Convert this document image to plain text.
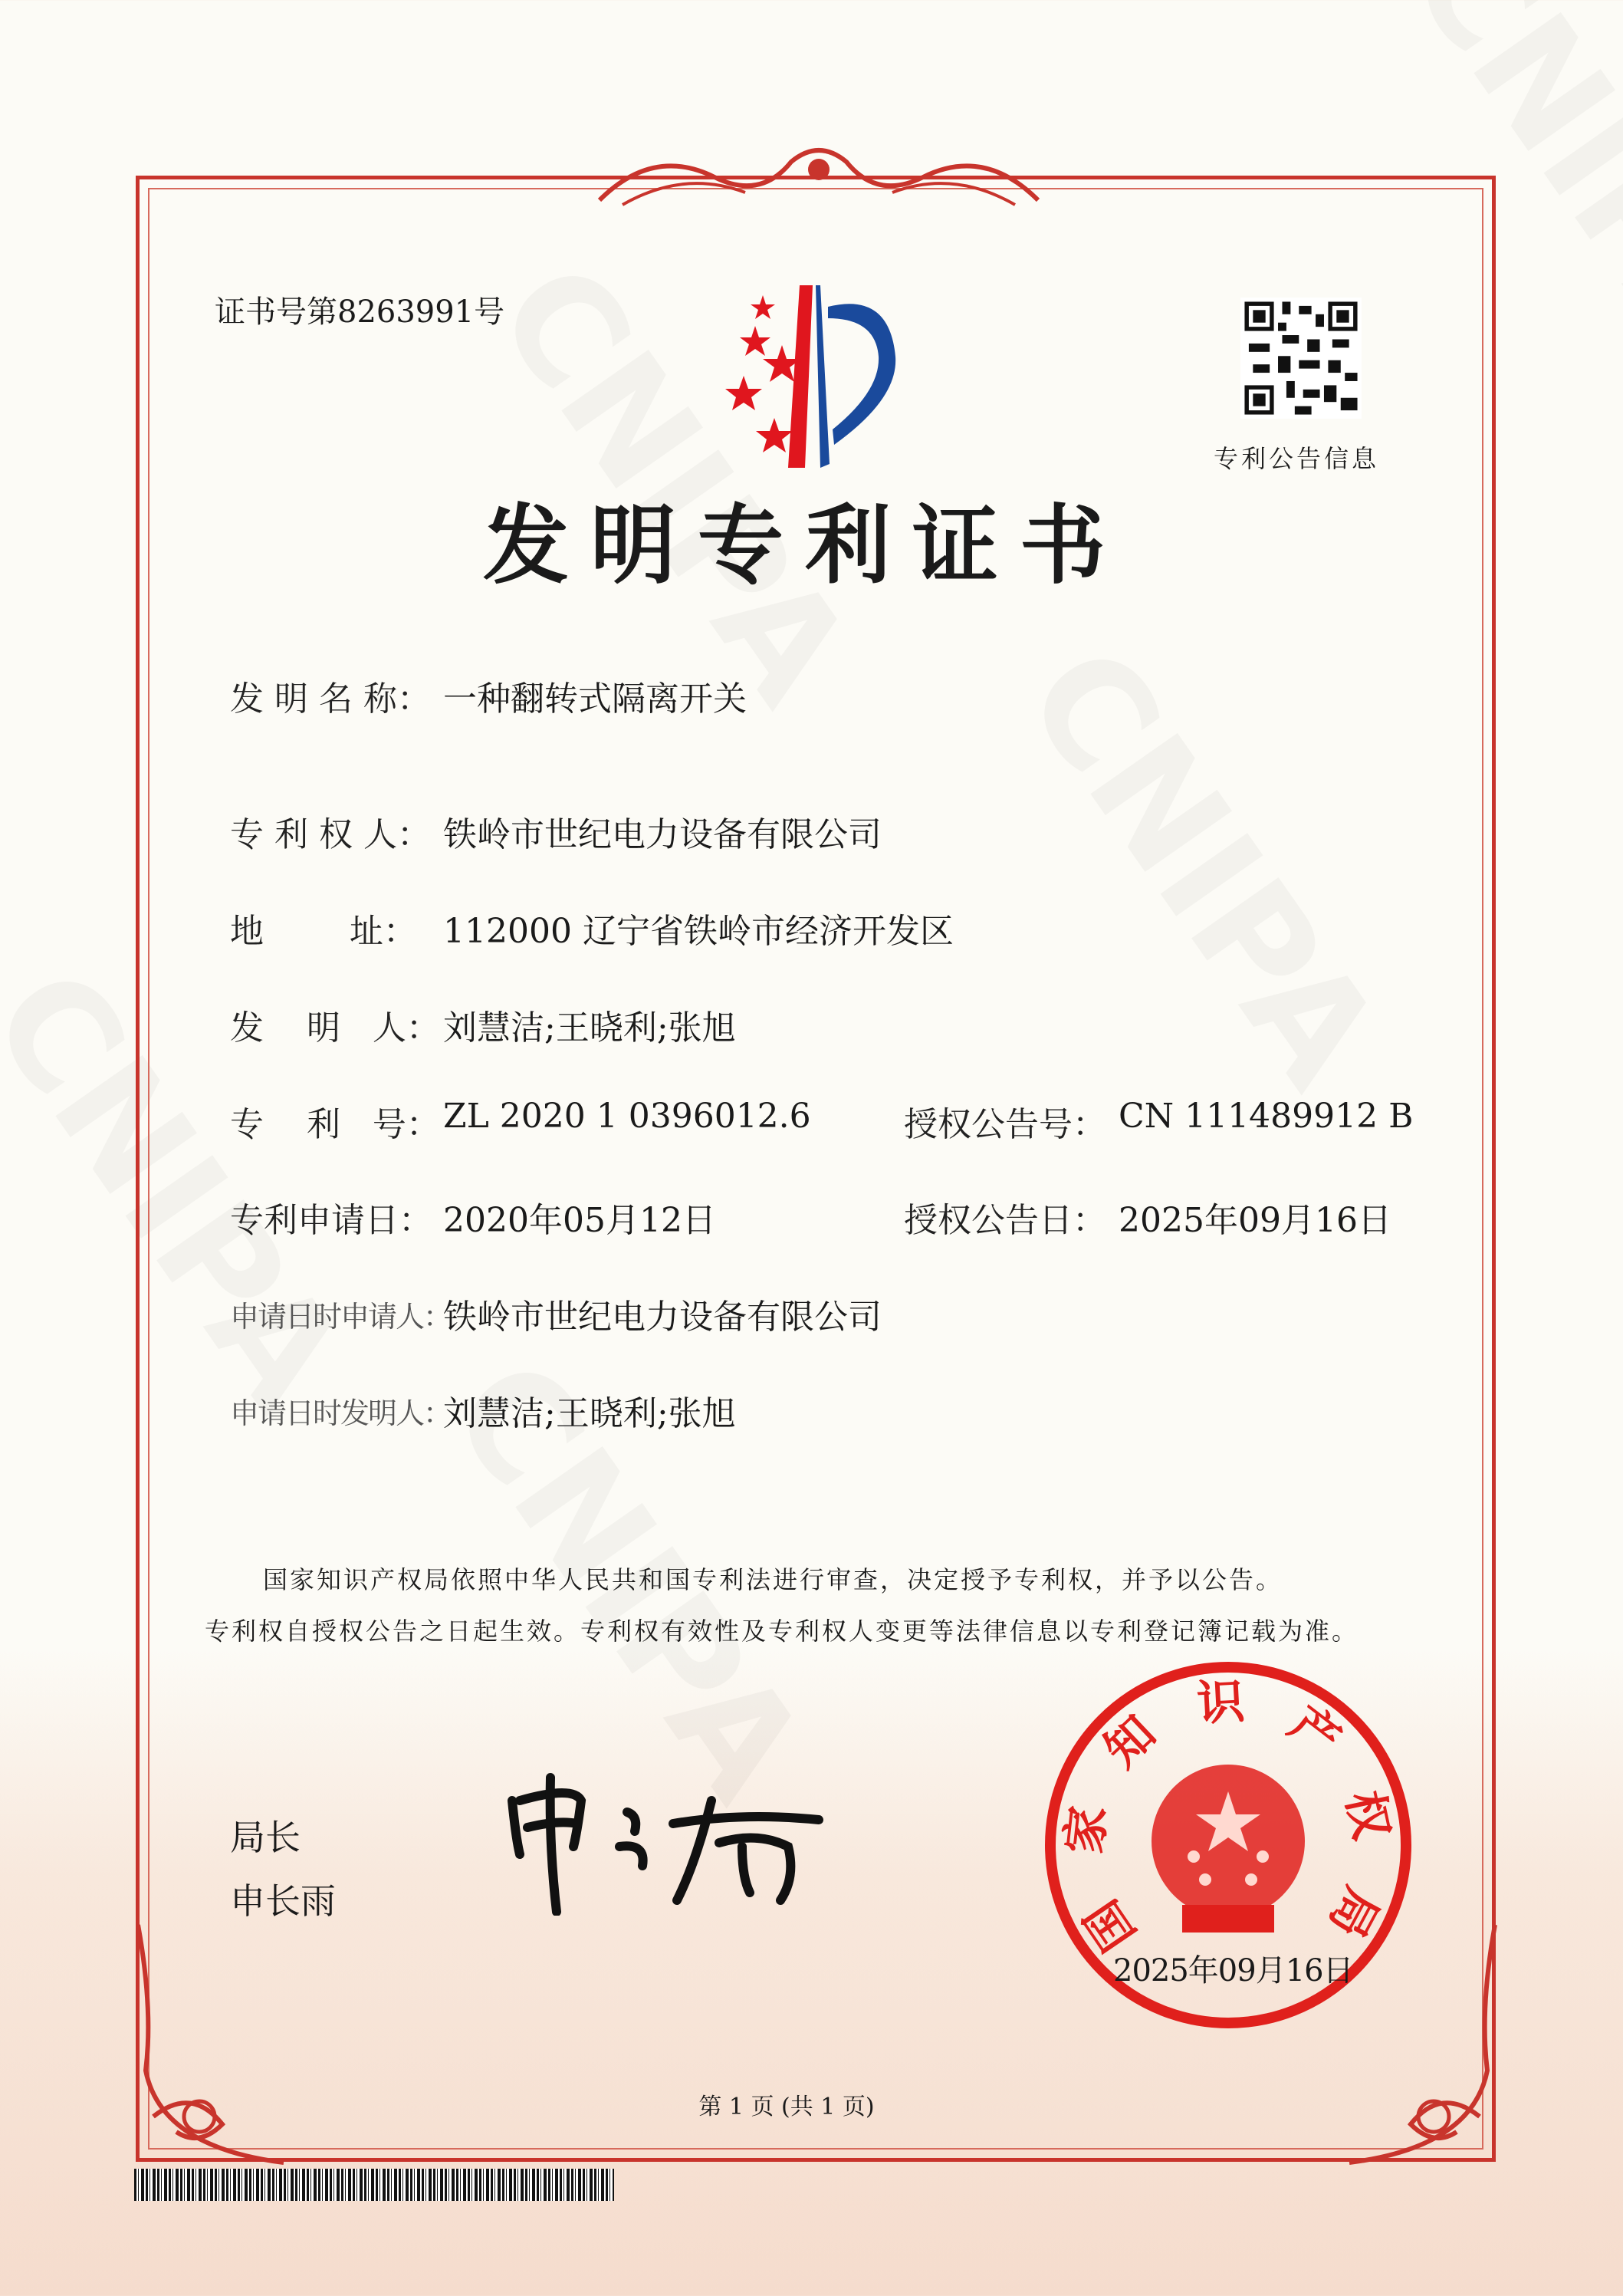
证书号第8263991号
专利公告信息
发明专利证书
发 明 名 称： 一种翻转式隔离开关
专 利 权 人： 铁岭市世纪电力设备有限公司
地        址： 112000 辽宁省铁岭市经济开发区
发    明   人： 刘慧洁;王晓利;张旭
专    利   号： ZL 2020 1 0396012.6	授权公告号： CN 111489912 B
专利申请日： 2020年05月12日	授权公告日： 2025年09月16日
申请日时申请人：
铁岭市世纪电力设备有限公司
申请日时发明人：
刘慧洁;王晓利;张旭
国家知识产权局依照中华人民共和国专利法进行审查，决定授予专利权，并予以公告。
专利权自授权公告之日起生效。专利权有效性及专利权人变更等法律信息以专利登记簿记载为准。
局长
申长雨	国家知识产权局
2025年09月16日
第 1 页 (共 1 页)
